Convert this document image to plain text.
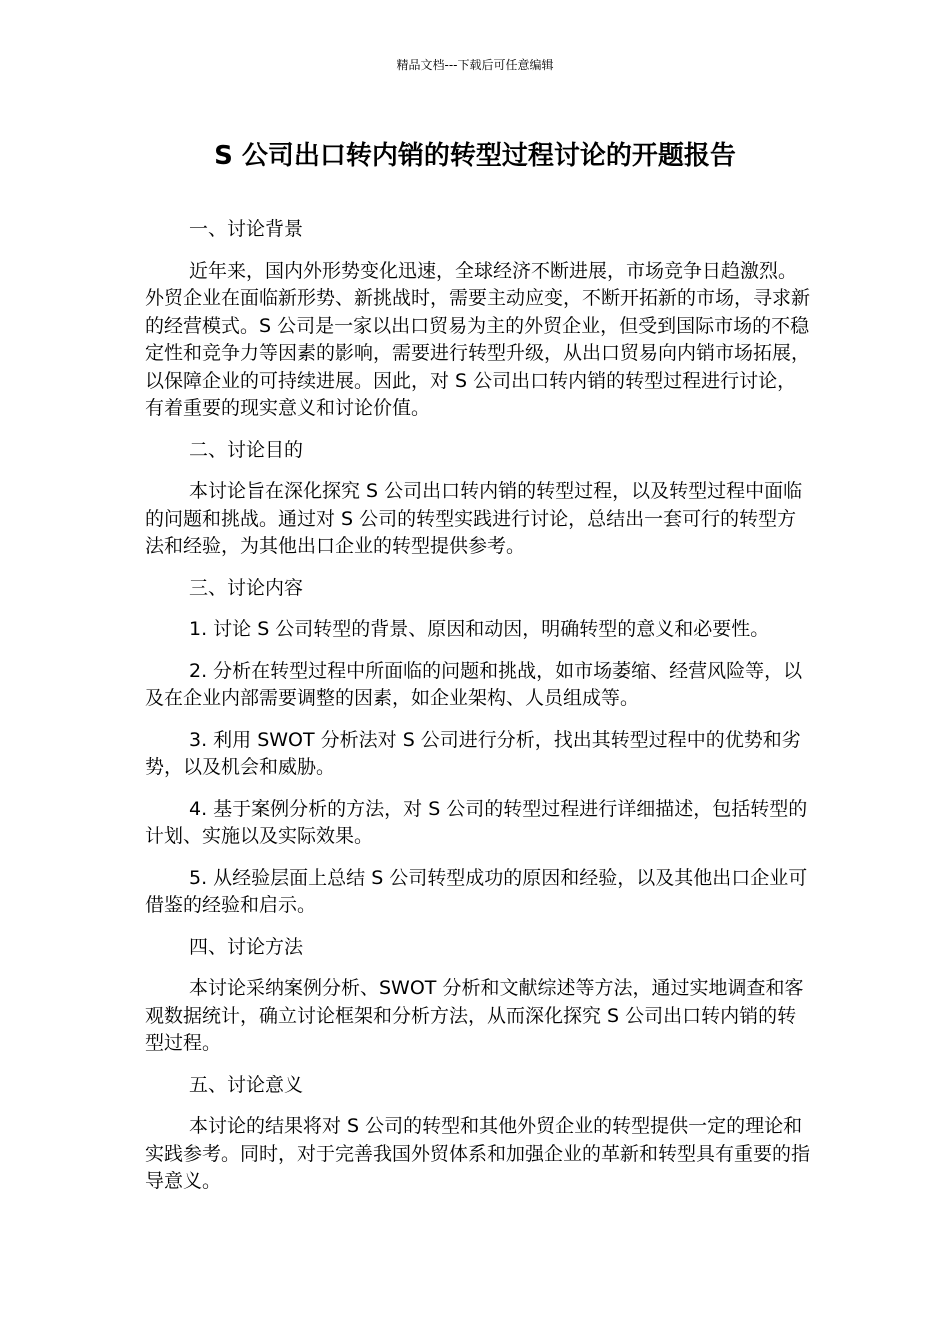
精品文档---下载后可任意编辑
S 公司出口转内销的转型过程讨论的开题报告

一、讨论背景

近年来，国内外形势变化迅速，全球经济不断进展，市场竞争日趋激烈。外贸企业在面临新形势、新挑战时，需要主动应变，不断开拓新的市场，寻求新的经营模式。S 公司是一家以出口贸易为主的外贸企业，但受到国际市场的不稳定性和竞争力等因素的影响，需要进行转型升级，从出口贸易向内销市场拓展，以保障企业的可持续进展。因此，对 S 公司出口转内销的转型过程进行讨论，有着重要的现实意义和讨论价值。

二、讨论目的

本讨论旨在深化探究 S 公司出口转内销的转型过程，以及转型过程中面临的问题和挑战。通过对 S 公司的转型实践进行讨论，总结出一套可行的转型方法和经验，为其他出口企业的转型提供参考。

三、讨论内容

1. 讨论 S 公司转型的背景、原因和动因，明确转型的意义和必要性。

2. 分析在转型过程中所面临的问题和挑战，如市场萎缩、经营风险等，以及在企业内部需要调整的因素，如企业架构、人员组成等。

3. 利用 SWOT 分析法对 S 公司进行分析，找出其转型过程中的优势和劣势，以及机会和威胁。

4. 基于案例分析的方法，对 S 公司的转型过程进行详细描述，包括转型的计划、实施以及实际效果。

5. 从经验层面上总结 S 公司转型成功的原因和经验，以及其他出口企业可借鉴的经验和启示。

四、讨论方法

本讨论采纳案例分析、SWOT 分析和文献综述等方法，通过实地调查和客观数据统计，确立讨论框架和分析方法，从而深化探究 S 公司出口转内销的转型过程。

五、讨论意义

本讨论的结果将对 S 公司的转型和其他外贸企业的转型提供一定的理论和实践参考。同时，对于完善我国外贸体系和加强企业的革新和转型具有重要的指导意义。
